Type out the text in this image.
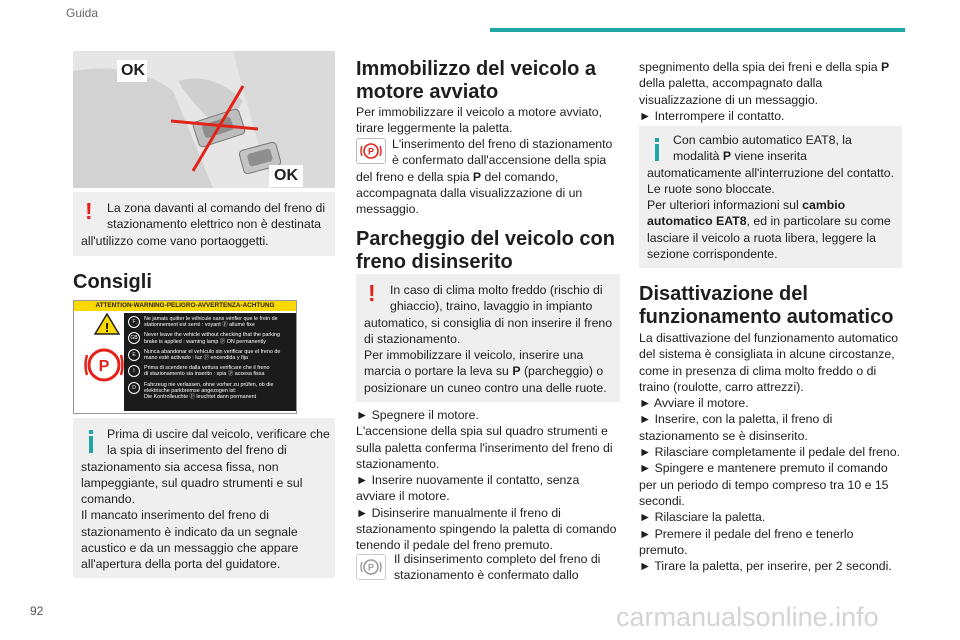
Guida
92	carmanualsonline.info
OK
OK
! La zona davanti al comando del freno di
stazionamento elettrico non è destinata
all'utilizzo come vano portaoggetti.
Consigli
ATTENTION-WARNING-PELIGRO-AVVERTENZA-ACHTUNG
!
P
F	Ne jamais quitter le véhicule sans vérifier que le frein de
stationnement est serré : voyant ⓟ allumé fixe
GB	Never leave the vehicle without checking that the parking
brake is applied : warning lamp ⓟ ON permanently
E	Nunca abandonar el vehículo sin verificar que el freno de
mano esté activado : luz ⓟ encendida y fija
I	Prima di scendere dalla vettura verificare che il freno
di stazionamento sia inserito : spia ⓟ accesa fissa
D	Fahrzeug nie verlassen, ohne vorher zu prüfen, ob die
elektrische parkbremse angezogen ist:
Die Kontrolleuchte ⓟ leuchtet dann permanent
Prima di uscire dal veicolo, verificare che
la spia di inserimento del freno di
stazionamento sia accesa fissa, non
lampeggiante, sul quadro strumenti e sul
comando.
Il mancato inserimento del freno di
stazionamento è indicato da un segnale
acustico e da un messaggio che appare
all'apertura della porta del guidatore.
Immobilizzo del veicolo a
motore avviato
Per immobilizzare il veicolo a motore avviato,
tirare leggermente la paletta.
P
L'inserimento del freno di stazionamento
è confermato dall'accensione della spia
del freno e della spia P del comando,
accompagnata dalla visualizzazione di un
messaggio.
Parcheggio del veicolo con
freno disinserito
! In caso di clima molto freddo (rischio di
ghiaccio), traino, lavaggio in impianto
automatico, si consiglia di non inserire il freno
di stazionamento.
Per immobilizzare il veicolo, inserire una
marcia o portare la leva su P (parcheggio) o
posizionare un cuneo contro una delle ruote.
► Spegnere il motore.
L'accensione della spia sul quadro strumenti e
sulla paletta conferma l'inserimento del freno di
stazionamento.
► Inserire nuovamente il contatto, senza
avviare il motore.
► Disinserire manualmente il freno di
stazionamento spingendo la paletta di comando
tenendo il pedale del freno premuto.
P
Il disinserimento completo del freno di
stazionamento è confermato dallo
spegnimento della spia dei freni e della spia P
della paletta, accompagnato dalla
visualizzazione di un messaggio.
► Interrompere il contatto.
Con cambio automatico EAT8, la
modalità P viene inserita
automaticamente all'interruzione del contatto.
Le ruote sono bloccate.
Per ulteriori informazioni sul cambio
automatico EAT8, ed in particolare su come
lasciare il veicolo a ruota libera, leggere la
sezione corrispondente.
Disattivazione del
funzionamento automatico
La disattivazione del funzionamento automatico
del sistema è consigliata in alcune circostanze,
come in presenza di clima molto freddo o di
traino (roulotte, carro attrezzi).
► Avviare il motore.
► Inserire, con la paletta, il freno di
stazionamento se è disinserito.
► Rilasciare completamente il pedale del freno.
► Spingere e mantenere premuto il comando
per un periodo di tempo compreso tra 10 e 15
secondi.
► Rilasciare la paletta.
► Premere il pedale del freno e tenerlo
premuto.
► Tirare la paletta, per inserire, per 2 secondi.
